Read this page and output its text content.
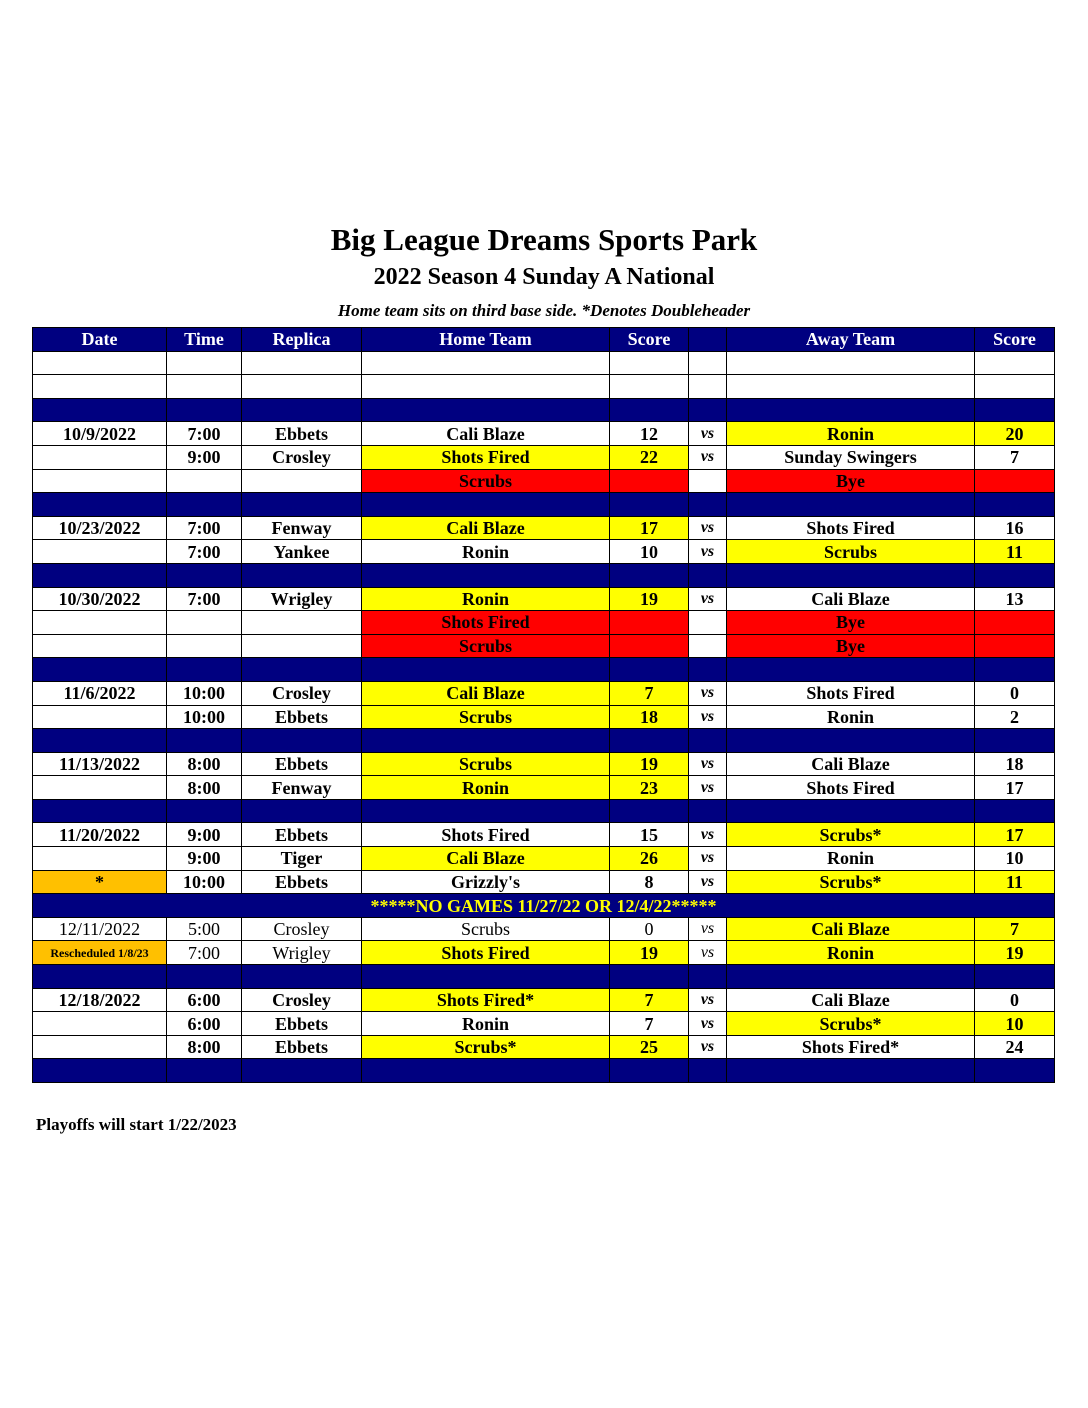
Big League Dreams Sports Park
2022 Season 4 Sunday A National
Home team sits on third base side. *Denotes Doubleheader
Date	Time	Replica	Home Team	Score		Away Team	Score

10/9/2022	7:00	Ebbets	Cali Blaze	12	vs	Ronin	20
	9:00	Crosley	Shots Fired	22	vs	Sunday Swingers	7
			Scrubs			Bye	

10/23/2022	7:00	Fenway	Cali Blaze	17	vs	Shots Fired	16
	7:00	Yankee	Ronin	10	vs	Scrubs	11

10/30/2022	7:00	Wrigley	Ronin	19	vs	Cali Blaze	13
			Shots Fired			Bye	
			Scrubs			Bye	

11/6/2022	10:00	Crosley	Cali Blaze	7	vs	Shots Fired	0
	10:00	Ebbets	Scrubs	18	vs	Ronin	2

11/13/2022	8:00	Ebbets	Scrubs	19	vs	Cali Blaze	18
	8:00	Fenway	Ronin	23	vs	Shots Fired	17

11/20/2022	9:00	Ebbets	Shots Fired	15	vs	Scrubs*	17
	9:00	Tiger	Cali Blaze	26	vs	Ronin	10
*	10:00	Ebbets	Grizzly's	8	vs	Scrubs*	11
*****NO GAMES 11/27/22 OR 12/4/22*****							
12/11/2022	5:00	Crosley	Scrubs	0	vs	Cali Blaze	7
Rescheduled 1/8/23	7:00	Wrigley	Shots Fired	19	vs	Ronin	19

12/18/2022	6:00	Crosley	Shots Fired*	7	vs	Cali Blaze	0
	6:00	Ebbets	Ronin	7	vs	Scrubs*	10
	8:00	Ebbets	Scrubs*	25	vs	Shots Fired*	24

Playoffs will start 1/22/2023
